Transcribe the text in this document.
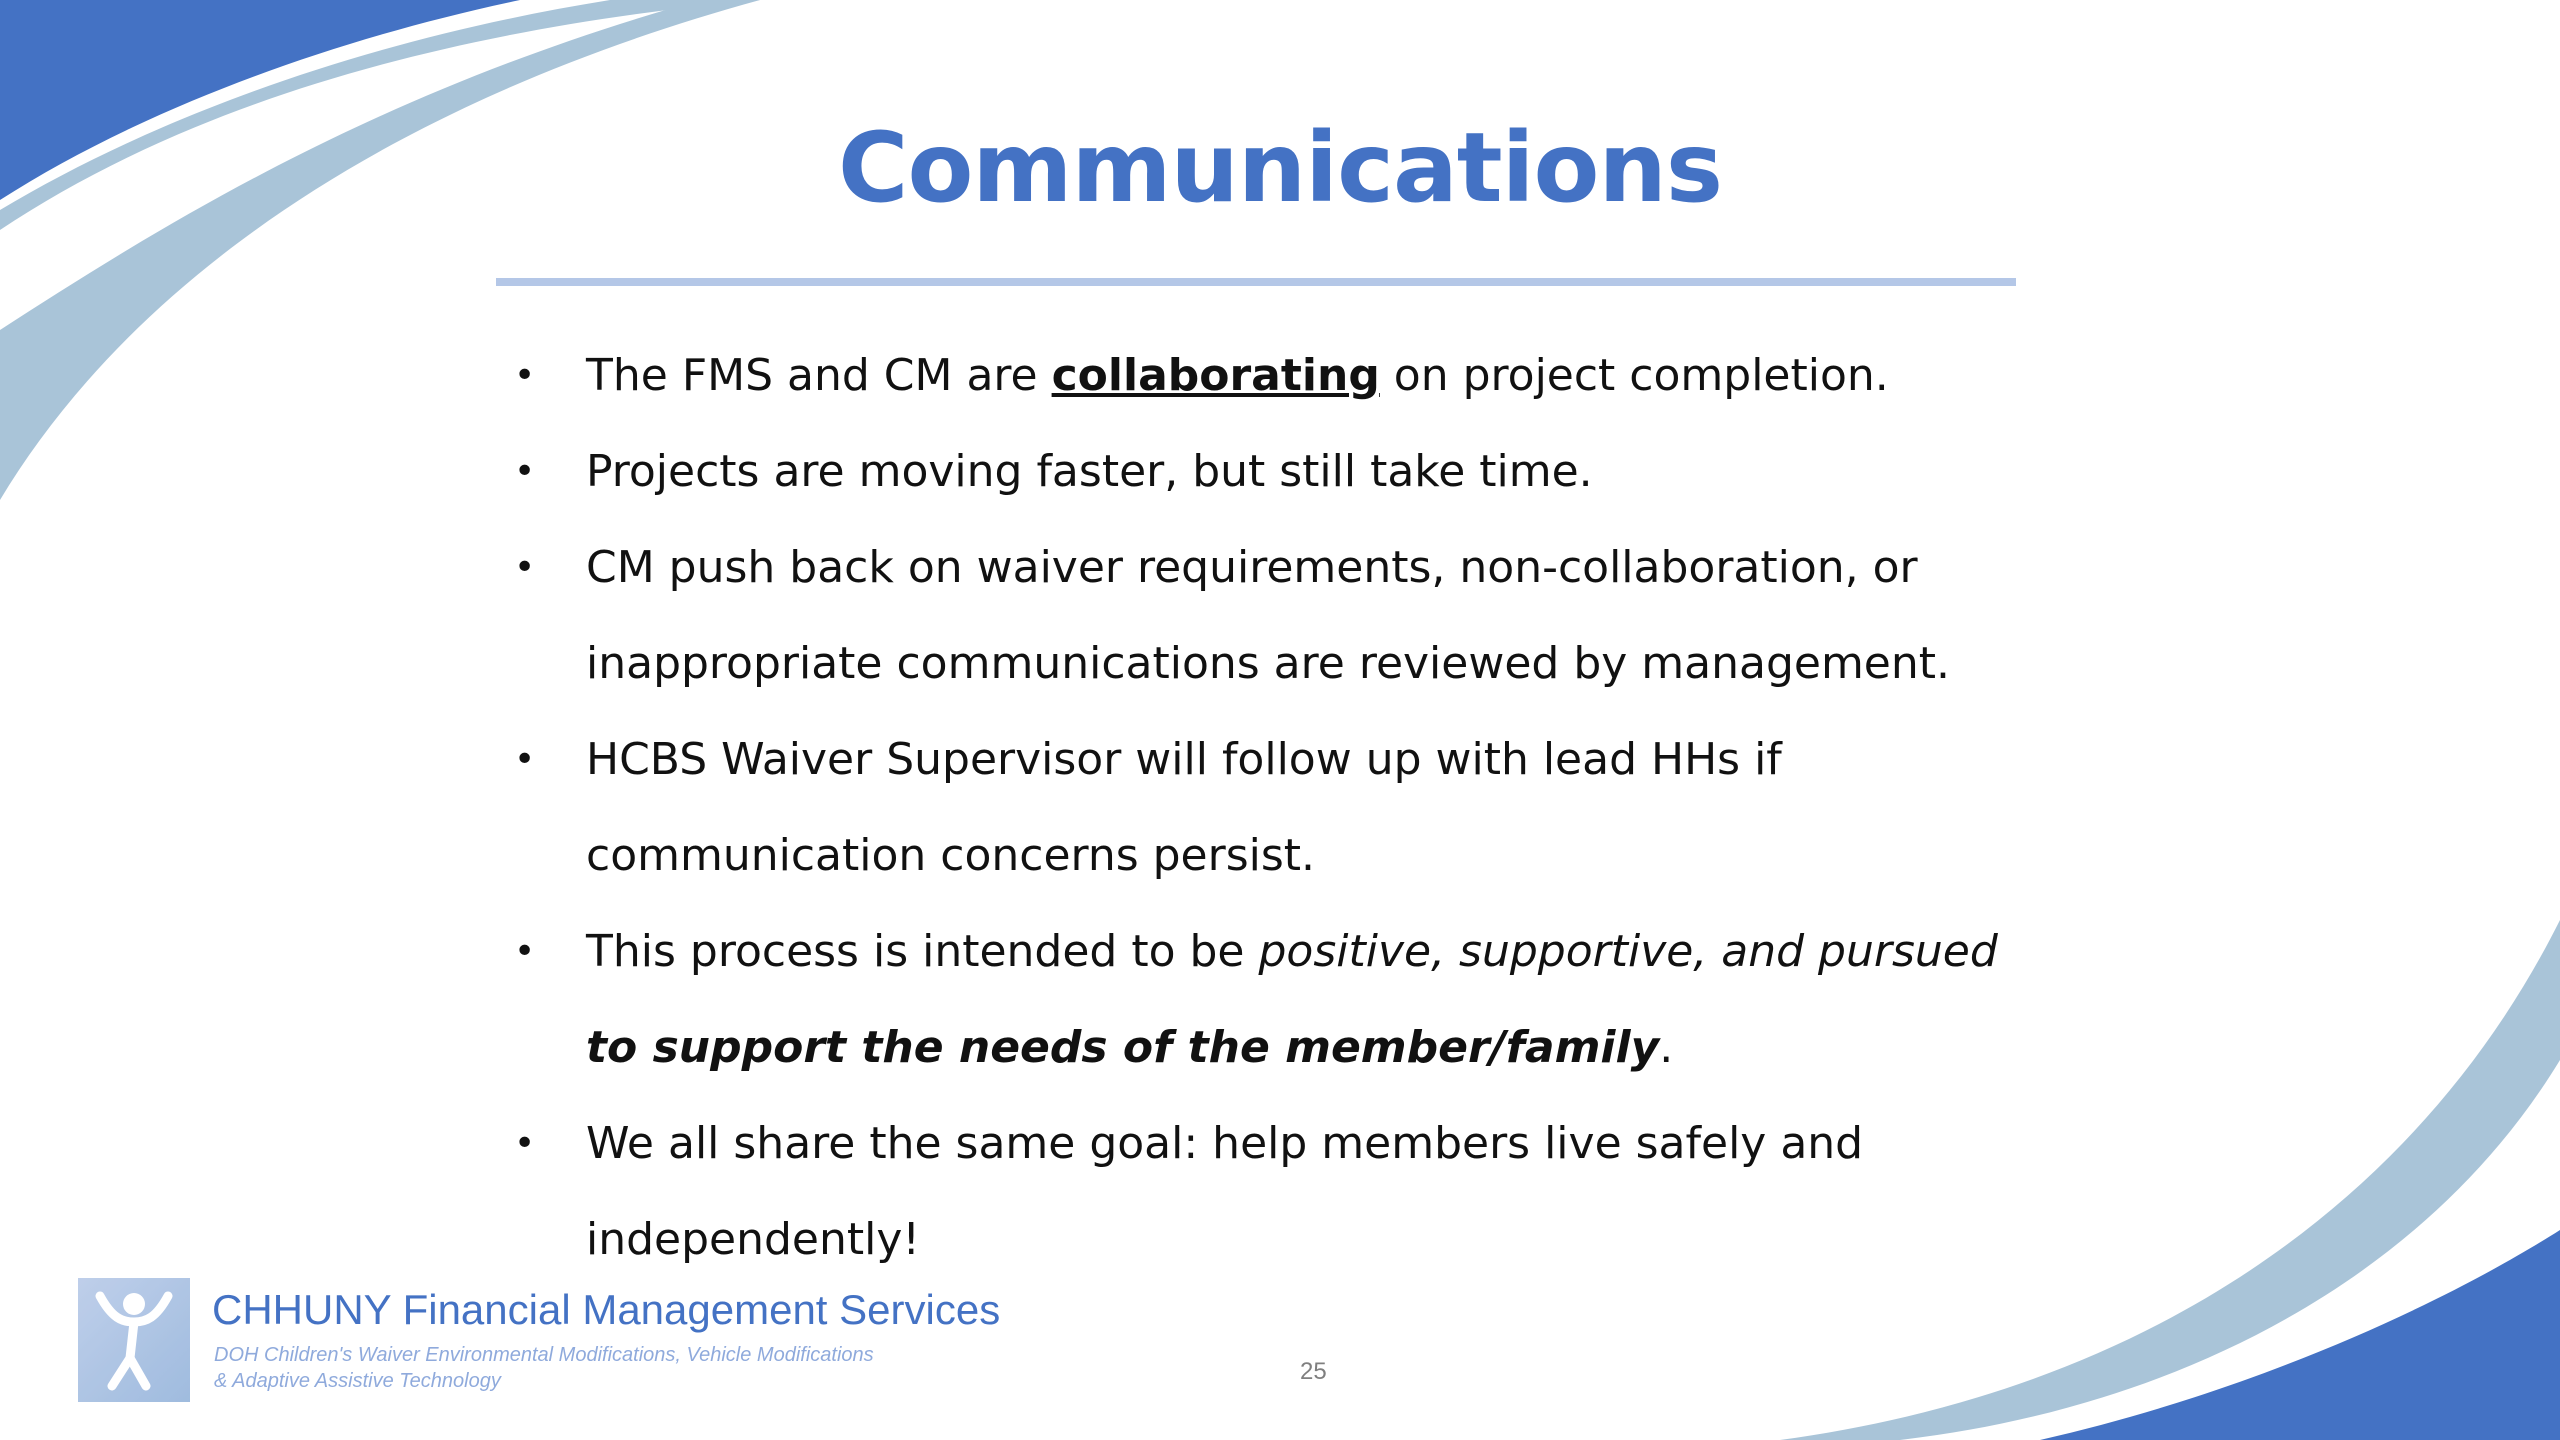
Communications
• The FMS and CM are collaborating on project completion.
• Projects are moving faster, but still take time.
• CM push back on waiver requirements, non-collaboration, or inappropriate communications are reviewed by management.
• HCBS Waiver Supervisor will follow up with lead HHs if communication concerns persist.
• This process is intended to be positive, supportive, and pursued to support the needs of the member/family.
• We all share the same goal: help members live safely and independently!

CHHUNY Financial Management Services

DOH Children's Waiver Environmental Modifications, Vehicle Modifications
& Adaptive Assistive Technology	25
